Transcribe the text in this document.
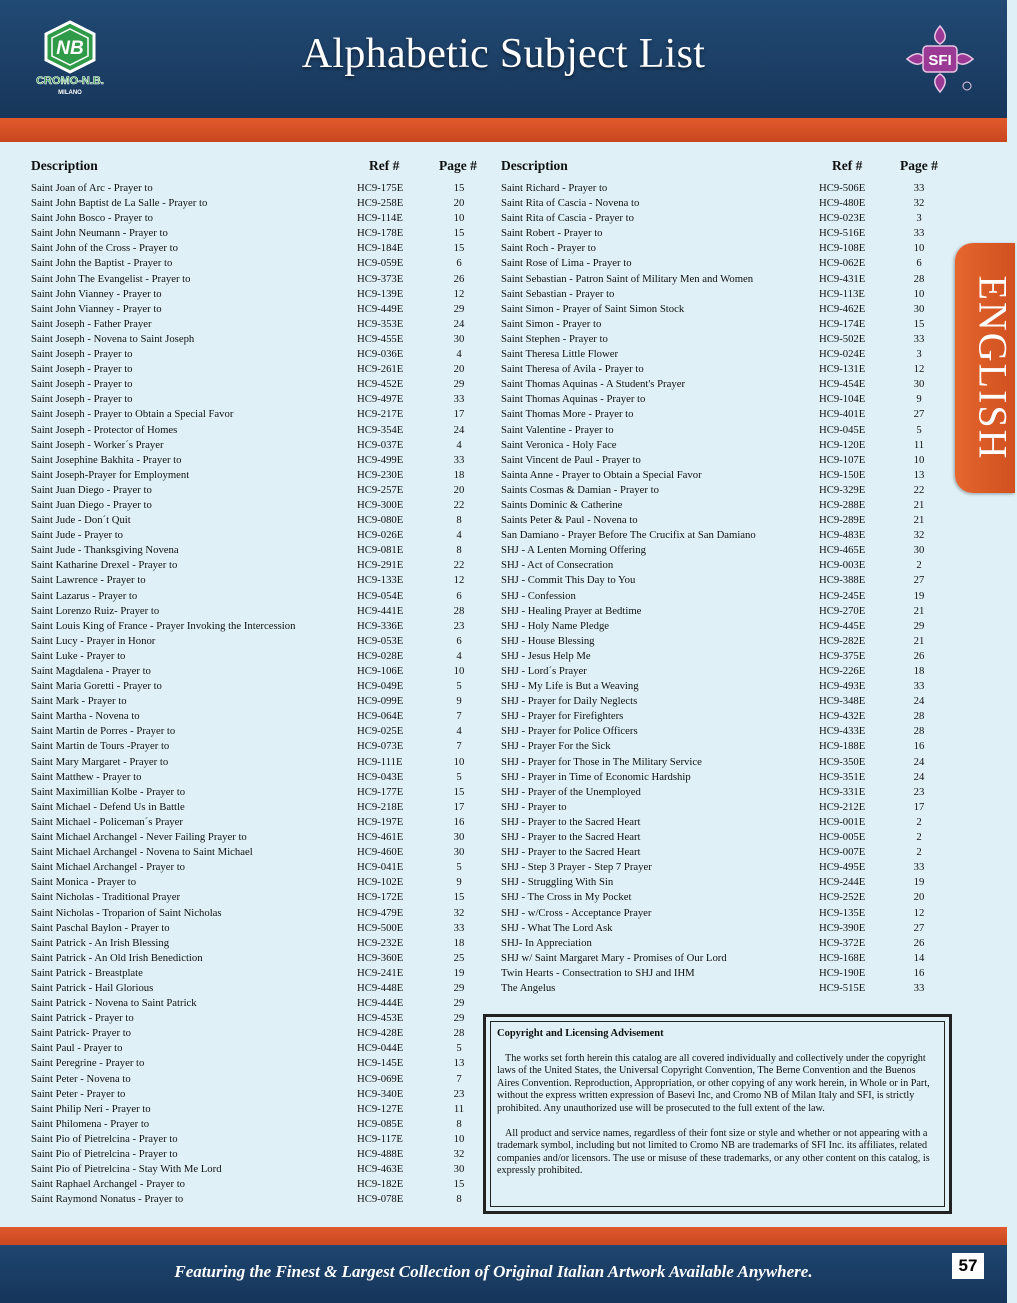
NB
CROMO-N.B.
MILANO
Alphabetic Subject List	SFI
ENGLISH
Description	Ref #	Page # Description	Ref #	Page #
Saint Joan of Arc - Prayer to	HC9-175E	15
Saint John Baptist de La Salle - Prayer to	HC9-258E	20
Saint John Bosco - Prayer to	HC9-114E	10
Saint John Neumann - Prayer to	HC9-178E	15
Saint John of the Cross - Prayer to	HC9-184E	15
Saint John the Baptist - Prayer to	HC9-059E	6
Saint John The Evangelist - Prayer to	HC9-373E	26
Saint John Vianney - Prayer to	HC9-139E	12
Saint John Vianney - Prayer to	HC9-449E	29
Saint Joseph - Father Prayer	HC9-353E	24
Saint Joseph - Novena to Saint Joseph	HC9-455E	30
Saint Joseph - Prayer to	HC9-036E	4
Saint Joseph - Prayer to	HC9-261E	20
Saint Joseph - Prayer to	HC9-452E	29
Saint Joseph - Prayer to	HC9-497E	33
Saint Joseph - Prayer to Obtain a Special Favor	HC9-217E	17
Saint Joseph - Protector of Homes	HC9-354E	24
Saint Joseph - Worker´s Prayer	HC9-037E	4
Saint Josephine Bakhita - Prayer to	HC9-499E	33
Saint Joseph-Prayer for Employment	HC9-230E	18
Saint Juan Diego - Prayer to	HC9-257E	20
Saint Juan Diego - Prayer to	HC9-300E	22
Saint Jude - Don´t Quit	HC9-080E	8
Saint Jude - Prayer to	HC9-026E	4
Saint Jude - Thanksgiving Novena	HC9-081E	8
Saint Katharine Drexel - Prayer to	HC9-291E	22
Saint Lawrence - Prayer to	HC9-133E	12
Saint Lazarus - Prayer to	HC9-054E	6
Saint Lorenzo Ruiz- Prayer to	HC9-441E	28
Saint Louis King of France - Prayer Invoking the Intercession	HC9-336E	23
Saint Lucy - Prayer in Honor	HC9-053E	6
Saint Luke - Prayer to	HC9-028E	4
Saint Magdalena - Prayer to	HC9-106E	10
Saint Maria Goretti - Prayer to	HC9-049E	5
Saint Mark - Prayer to	HC9-099E	9
Saint Martha - Novena to	HC9-064E	7
Saint Martin de Porres - Prayer to	HC9-025E	4
Saint Martin de Tours -Prayer to	HC9-073E	7
Saint Mary Margaret - Prayer to	HC9-111E	10
Saint Matthew - Prayer to	HC9-043E	5
Saint Maximillian Kolbe - Prayer to	HC9-177E	15
Saint Michael - Defend Us in Battle	HC9-218E	17
Saint Michael - Policeman´s Prayer	HC9-197E	16
Saint Michael Archangel - Never Failing Prayer to	HC9-461E	30
Saint Michael Archangel - Novena to Saint Michael	HC9-460E	30
Saint Michael Archangel - Prayer to	HC9-041E	5
Saint Monica - Prayer to	HC9-102E	9
Saint Nicholas - Traditional Prayer	HC9-172E	15
Saint Nicholas - Troparion of Saint Nicholas	HC9-479E	32
Saint Paschal Baylon - Prayer to	HC9-500E	33
Saint Patrick - An Irish Blessing	HC9-232E	18
Saint Patrick - An Old Irish Benediction	HC9-360E	25
Saint Patrick - Breastplate	HC9-241E	19
Saint Patrick - Hail Glorious	HC9-448E	29
Saint Patrick - Novena to Saint Patrick	HC9-444E	29
Saint Patrick - Prayer to	HC9-453E	29
Saint Patrick- Prayer to	HC9-428E	28
Saint Paul - Prayer to	HC9-044E	5
Saint Peregrine - Prayer to	HC9-145E	13
Saint Peter - Novena to	HC9-069E	7
Saint Peter - Prayer to	HC9-340E	23
Saint Philip Neri - Prayer to	HC9-127E	11
Saint Philomena - Prayer to	HC9-085E	8
Saint Pio of Pietrelcina - Prayer to	HC9-117E	10
Saint Pio of Pietrelcina - Prayer to	HC9-488E	32
Saint Pio of Pietrelcina - Stay With Me Lord	HC9-463E	30
Saint Raphael Archangel - Prayer to	HC9-182E	15
Saint Raymond Nonatus - Prayer to	HC9-078E	8
Saint Richard - Prayer to	HC9-506E	33
Saint Rita of Cascia - Novena to	HC9-480E	32
Saint Rita of Cascia - Prayer to	HC9-023E	3
Saint Robert - Prayer to	HC9-516E	33
Saint Roch - Prayer to	HC9-108E	10
Saint Rose of Lima - Prayer to	HC9-062E	6
Saint Sebastian - Patron Saint of Military Men and Women	HC9-431E	28
Saint Sebastian - Prayer to	HC9-113E	10
Saint Simon - Prayer of Saint Simon Stock	HC9-462E	30
Saint Simon - Prayer to	HC9-174E	15
Saint Stephen - Prayer to	HC9-502E	33
Saint Theresa Little Flower	HC9-024E	3
Saint Theresa of Avila - Prayer to	HC9-131E	12
Saint Thomas Aquinas - A Student's Prayer	HC9-454E	30
Saint Thomas Aquinas - Prayer to	HC9-104E	9
Saint Thomas More - Prayer to	HC9-401E	27
Saint Valentine - Prayer to	HC9-045E	5
Saint Veronica - Holy Face	HC9-120E	11
Saint Vincent de Paul - Prayer to	HC9-107E	10
Sainta Anne - Prayer to Obtain a Special Favor	HC9-150E	13
Saints Cosmas & Damian - Prayer to	HC9-329E	22
Saints Dominic & Catherine	HC9-288E	21
Saints Peter & Paul - Novena to	HC9-289E	21
San Damiano - Prayer Before The Crucifix at San Damiano	HC9-483E	32
SHJ - A Lenten Morning Offering	HC9-465E	30
SHJ - Act of Consecration	HC9-003E	2
SHJ - Commit This Day to You	HC9-388E	27
SHJ - Confession	HC9-245E	19
SHJ - Healing Prayer at Bedtime	HC9-270E	21
SHJ - Holy Name Pledge	HC9-445E	29
SHJ - House Blessing	HC9-282E	21
SHJ - Jesus Help Me	HC9-375E	26
SHJ - Lord´s Prayer	HC9-226E	18
SHJ - My Life is But a Weaving	HC9-493E	33
SHJ - Prayer for Daily Neglects	HC9-348E	24
SHJ - Prayer for Firefighters	HC9-432E	28
SHJ - Prayer for Police Officers	HC9-433E	28
SHJ - Prayer For the Sick	HC9-188E	16
SHJ - Prayer for Those in The Military Service	HC9-350E	24
SHJ - Prayer in Time of Economic Hardship	HC9-351E	24
SHJ - Prayer of the Unemployed	HC9-331E	23
SHJ - Prayer to	HC9-212E	17
SHJ - Prayer to the Sacred Heart	HC9-001E	2
SHJ - Prayer to the Sacred Heart	HC9-005E	2
SHJ - Prayer to the Sacred Heart	HC9-007E	2
SHJ - Step 3 Prayer - Step 7 Prayer	HC9-495E	33
SHJ - Struggling With Sin	HC9-244E	19
SHJ - The Cross in My Pocket	HC9-252E	20
SHJ - w/Cross - Acceptance Prayer	HC9-135E	12
SHJ - What The Lord Ask	HC9-390E	27
SHJ- In Appreciation	HC9-372E	26
SHJ w/ Saint Margaret Mary - Promises of Our Lord	HC9-168E	14
Twin Hearts - Consectration to SHJ and IHM	HC9-190E	16
The Angelus	HC9-515E	33
Copyright and Licensing Advisement

The works set forth herein this catalog are all covered individually and collectively under the copyright laws of the United States, the Universal Copyright Convention, The Berne Convention and the Buenos Aires Convention. Reproduction, Appropriation, or other copying of any work herein, in Whole or in Part, without the express written expression of Basevi Inc, and Cromo NB of Milan Italy and SFI, is strictly prohibited. Any unauthorized use will be prosecuted to the full extent of the law.

All product and service names, regardless of their font size or style and whether or not appearing with a trademark symbol, including but not limited to Cromo NB are trademarks of SFI Inc. its affiliates, related companies and/or licensors. The use or misuse of these trademarks, or any other content on this catalog, is expressly prohibited.

Featuring the Finest & Largest Collection of Original Italian Artwork Available Anywhere.	57
